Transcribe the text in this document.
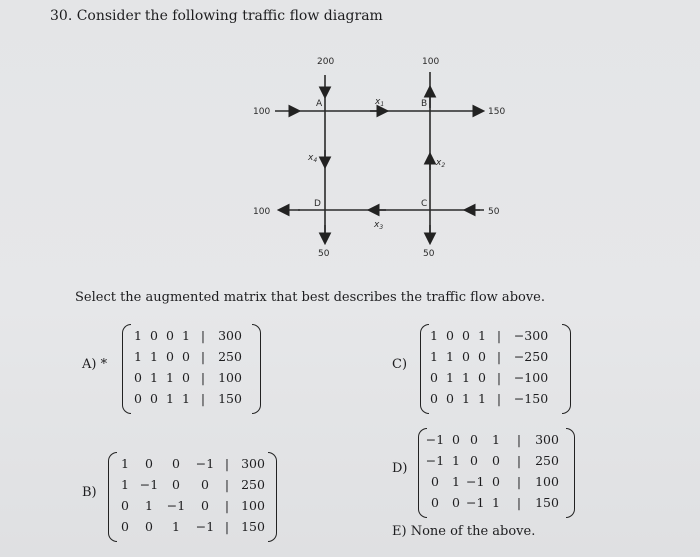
30. Consider the following traffic flow diagram
200	100
100
100
150
50
50	50
A	B
C
D
$x_1$
$x_2$
$x_3$
$x_4$
Select the augmented matrix that best describes the traffic flow above.
A) *
1 0 0 1 |	300
1 1 0 0 |	250
0 1 1 0 |	100
0 0 1 1 |	150
B)
1	0	0	−1 | 300
1 −1	0	0	| 250
0	1	−1	0	| 100
0	0	1	−1 | 150
C)
1 0 0 1 |	−300
1 1 0 0 |	−250
0 1 1 0 |	−100
0 0 1 1 |	−150
D)
−1 0 0	1	|	300
−1 1 0	0	|	250
0	1 −1 0	|	100
0	0 −1 1	|	150
E) None of the above.
